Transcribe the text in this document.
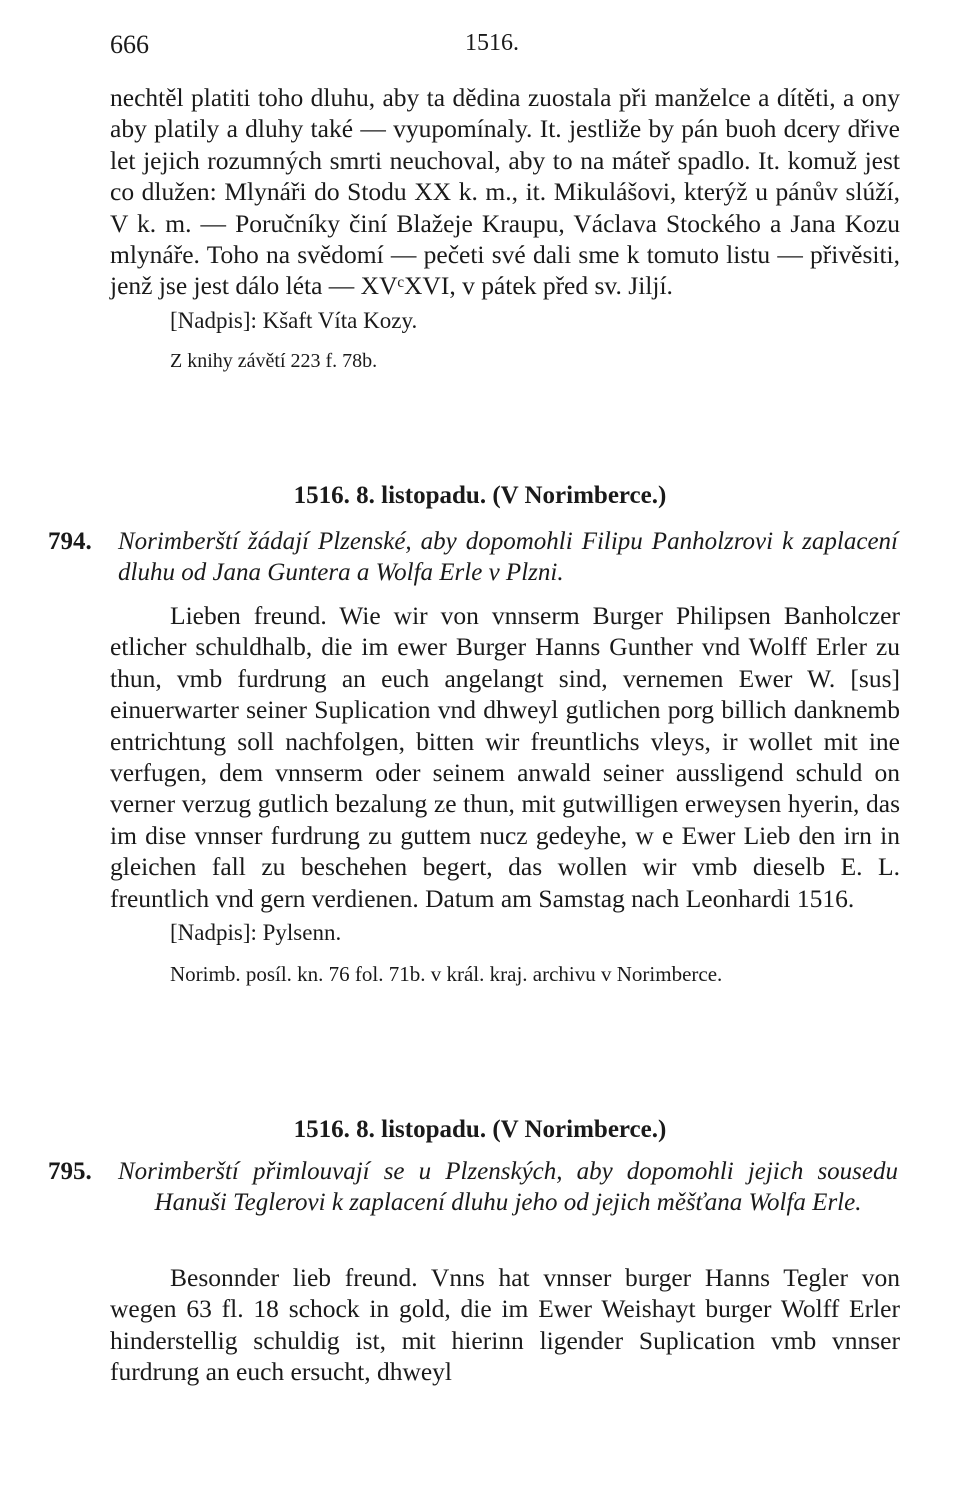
666	1516.

nechtěl platiti toho dluhu, aby ta dědina zuostala při manželce a dítěti, a ony aby platily a dluhy také — vyupomínaly. It. jestliže by pán buoh dcery dřive let jejich rozumných smrti neuchoval, aby to na máteř spadlo. It. komuž jest co dlužen: Mlynáři do Stodu XX k. m., it. Mikulášovi, kterýž u pánův slúží, V k. m. — Poručníky činí Blažeje Kraupu, Václava Stockého a Jana Kozu mlynáře. Toho na svědomí — pečeti své dali sme k tomuto listu — přivěsiti, jenž jse jest dálo léta — XVᶜXVI, v pátek před sv. Jiljí.

[Nadpis]: Kšaft Víta Kozy.

Z knihy závětí 223 f. 78b.

1516. 8. listopadu. (V Norimberce.)

794. Norimberští žádají Plzenské, aby dopomohli Filipu Panholzrovi k zaplacení dluhu od Jana Guntera a Wolfa Erle v Plzni.

Lieben freund. Wie wir von vnnserm Burger Philipsen Banholczer etlicher schuldhalb, die im ewer Burger Hanns Gunther vnd Wolff Erler zu thun, vmb furdrung an euch angelangt sind, vernemen Ewer W. [sus] einuerwarter seiner Suplication vnd dhweyl gutlichen porg billich danknemb entrichtung soll nachfolgen, bitten wir freuntlichs vleys, ir wollet mit ine verfugen, dem vnnserm oder seinem anwald seiner aussligend schuld on verner verzug gutlich bezalung ze thun, mit gutwilligen erweysen hyerin, das im dise vnnser furdrung zu guttem nucz gedeyhe, w e Ewer Lieb den irn in gleichen fall zu beschehen begert, das wollen wir vmb dieselb E. L. freuntlich vnd gern verdienen. Datum am Samstag nach Leonhardi 1516.

[Nadpis]: Pylsenn.

Norimb. posíl. kn. 76 fol. 71b. v král. kraj. archivu v Norimberce.

1516. 8. listopadu. (V Norimberce.)

795. Norimberští přimlouvají se u Plzenských, aby dopomohli jejich sousedu Hanuši Teglerovi k zaplacení dluhu jeho od jejich měšťana Wolfa Erle.

Besonnder lieb freund. Vnns hat vnnser burger Hanns Tegler von wegen 63 fl. 18 schock in gold, die im Ewer Weishayt burger Wolff Erler hinderstellig schuldig ist, mit hierinn ligender Suplication vmb vnnser furdrung an euch ersucht, dhweyl
